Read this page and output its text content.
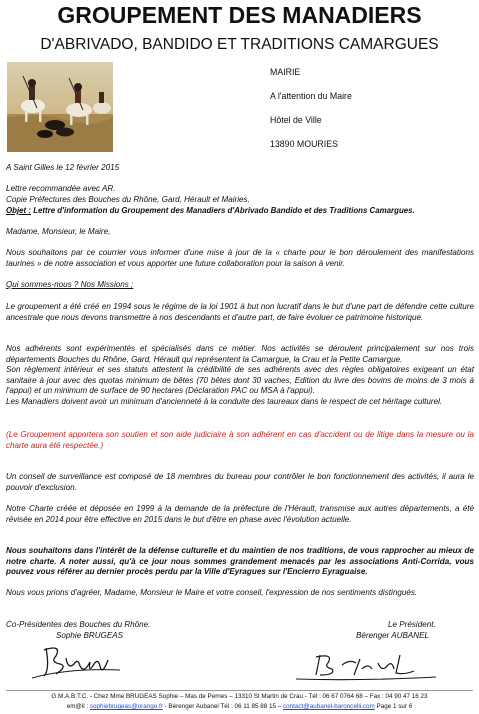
GROUPEMENT DES MANADIERS
D'ABRIVADO, BANDIDO ET TRADITIONS CAMARGUES
MAIRIE
A l'attention du Maire
Hôtel de Ville
13890 MOURIES
A Saint Gilles le 12 février 2015
Lettre recommandée avec AR.
Copie Préfectures des Bouches du Rhône, Gard, Hérault et Mairies.
Objet : Lettre d'information du Groupement des Manadiers d'Abrivado Bandido et des Traditions Camargues.
Madame, Monsieur, le Maire,
Nous souhaitons par ce courrier vous informer d'une mise à jour de la « charte pour le bon déroulement des manifestations taurines » de notre association et vous apporter une future collaboration pour la saison à venir.
Qui sommes-nous ? Nos Missions ;
Le groupement a été créé en 1994 sous le régime de la loi 1901 à but non lucratif dans le but d'une part de défendre cette culture ancestrale que nous devons transmettre à nos descendants et d'autre part, de faire évoluer ce patrimoine historique.
Nos adhérents sont expérimentés et spécialisés dans ce métier. Nos activités se déroulent principalement sur nos trois départements Bouches du Rhône, Gard, Hérault qui représentent la Camargue, la Crau et la Petite Camargue.
Son règlement intérieur et ses statuts attestent la crédibilité de ses adhérents avec des règles obligatoires exigeant un état sanitaire à jour avec des quotas minimum de bêtes (70 bêtes dont 30 vaches, Edition du livre des bovins de moins de 3 mois à l'appui) et un minimum de surface de 90 hectares (Déclaration PAC ou MSA à l'appui).
Les Manadiers doivent avoir un minimum d'ancienneté à la conduite des taureaux dans le respect de cet héritage culturel.
(Le Groupement apportera son soutien et son aide judiciaire à son adhérent en cas d'accident ou de litige dans la mesure ou la charte aura été respectée.)
Un conseil de surveillance est composé de 18 membres du bureau pour contrôler le bon fonctionnement des activités, il aura le pouvoir d'exclusion.
Notre Charte créée et déposée en 1999 à la demande de la préfecture de l'Hérault, transmise aux autres départements, a été révisée en 2014 pour être effective en 2015 dans le but d'être en phase avec l'évolution actuelle.
Nous souhaitons dans l'intérêt de la défense culturelle et du maintien de nos traditions, de vous rapprocher au mieux de notre charte. A noter aussi, qu'à ce jour nous sommes grandement menacés par les associations Anti-Corrida, vous pouvez vous référer au dernier procès perdu par la Ville d'Eyragues sur l'Encierro Eyraguaise.
Nous vous prions d'agréer, Madame, Monsieur le Maire et votre conseil, l'expression de nos sentiments distingués.
Co-Présidentes des Bouches du Rhône.
Sophie BRUGEAS
Le Président.
Bérenger AUBANEL
G.M.A.B.T.C. - Chez Mme BRUGEAS Sophie – Mas de Pernes – 13310 St Martin de Crau - Tél : 06 67 0764 68 – Fax : 04 90 47 16 23
em@il : sophiebrugeas@orange.fr - Bérenger Aubanel Tél : 06 11 85 88 15 – contact@aubanel-baroncelli.com Page 1 sur 6
